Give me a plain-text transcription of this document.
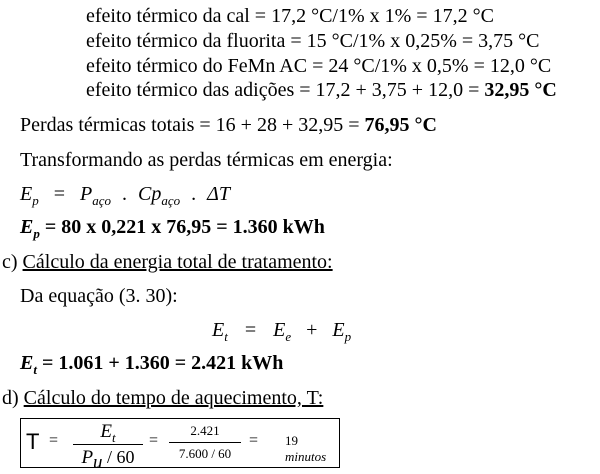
efeito térmico da cal = 17,2 °C/1% x 1% = 17,2 °C
efeito térmico da fluorita = 15 °C/1% x 0,25% = 3,75 °C
efeito térmico do FeMn AC = 24 °C/1% x 0,5% = 12,0 °C
efeito térmico das adições = 17,2 + 3,75 + 12,0 = 32,95 °C
Perdas térmicas totais = 16 + 28 + 32,95 = 76,95 °C
Transformando as perdas térmicas em energia:
$E_p = P_{aço}$ . $Cp_{aço}$ . ΔT
$E_p = 80$ x 0,221 x 76,95 = 1.360 kWh
c) Cálculo da energia total de tratamento:
Da equação (3. 30):
$E_t = E_e + E_p$
$E_t = 1.061 + 1.360 = 2.421$ kWh
d) Cálculo do tempo de aquecimento, T:
T =	$E_t$
$P_u / 60$
=
2.421
7.600 / 60
= 19 minutos
